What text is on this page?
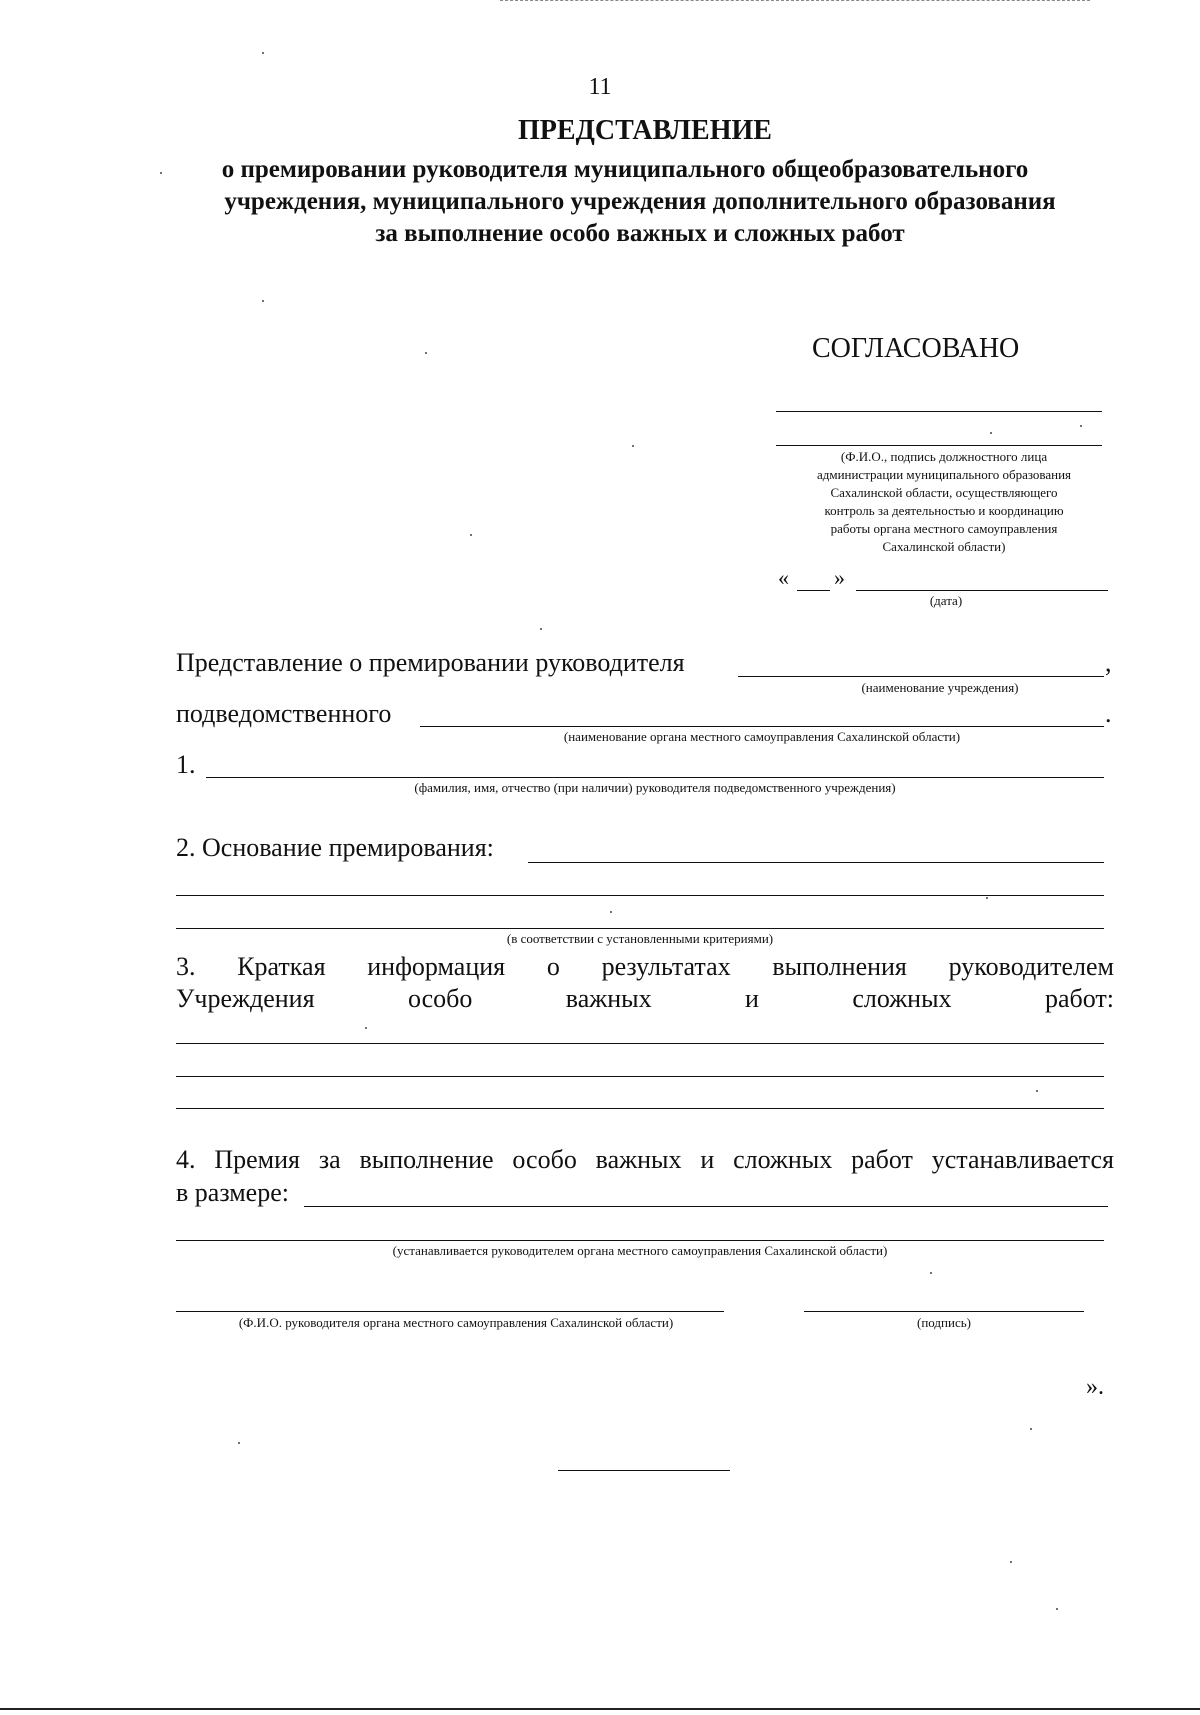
11
ПРЕДСТАВЛЕНИЕ
о премировании руководителя муниципального общеобразовательного
учреждения, муниципального учреждения дополнительного образования
за выполнение особо важных и сложных работ
СОГЛАСОВАНО
(Ф.И.О., подпись должностного лица
администрации муниципального образования
Сахалинской области, осуществляющего
контроль за деятельностью и координацию
работы органа местного самоуправления
Сахалинской области)
« »
(дата)
Представление о премировании руководителя	,
(наименование учреждения)
подведомственного	.
(наименование органа местного самоуправления Сахалинской области)
1.
(фамилия, имя, отчество (при наличии) руководителя подведомственного учреждения)
2. Основание премирования:
(в соответствии с установленными критериями)
3. Краткая информация о результатах выполнения руководителем
Учреждения	особо	важных	и	сложных	работ:
4. Премия за выполнение особо важных и сложных работ устанавливается
в размере:
(устанавливается руководителем органа местного самоуправления Сахалинской области)
(Ф.И.О. руководителя органа местного самоуправления Сахалинской области)	(подпись)
».
